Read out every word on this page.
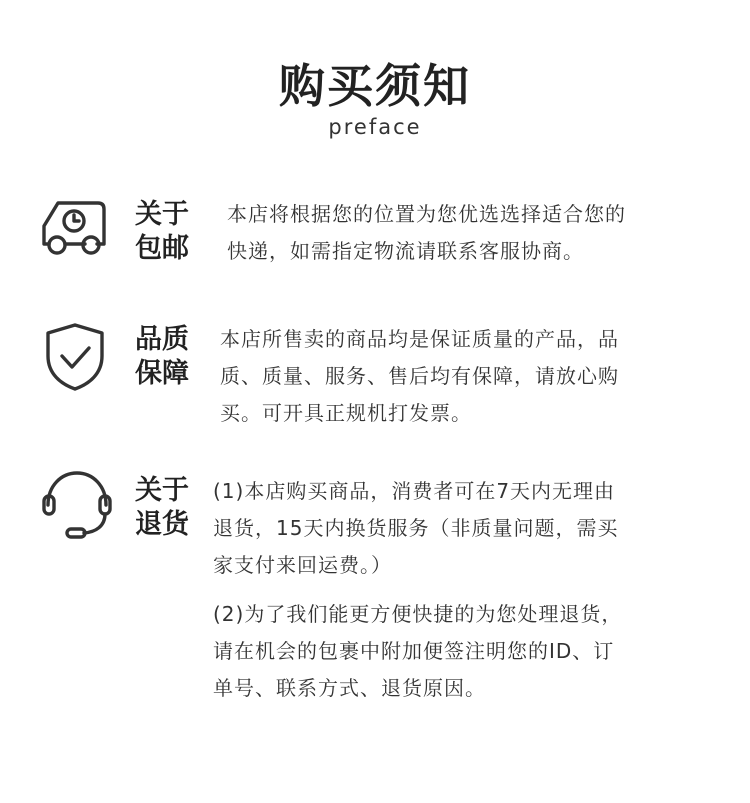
购买须知
preface
关于
包邮

本店将根据您的位置为您优选选择适合您的

快递，如需指定物流请联系客服协商。

品质
保障

本店所售卖的商品均是保证质量的产品，品

质、质量、服务、售后均有保障，请放心购

买。可开具正规机打发票。

关于
退货

(1)本店购买商品，消费者可在7天内无理由

退货，15天内换货服务（非质量问题，需买

家支付来回运费。）

(2)为了我们能更方便快捷的为您处理退货，

请在机会的包裹中附加便签注明您的ID、订

单号、联系方式、退货原因。
